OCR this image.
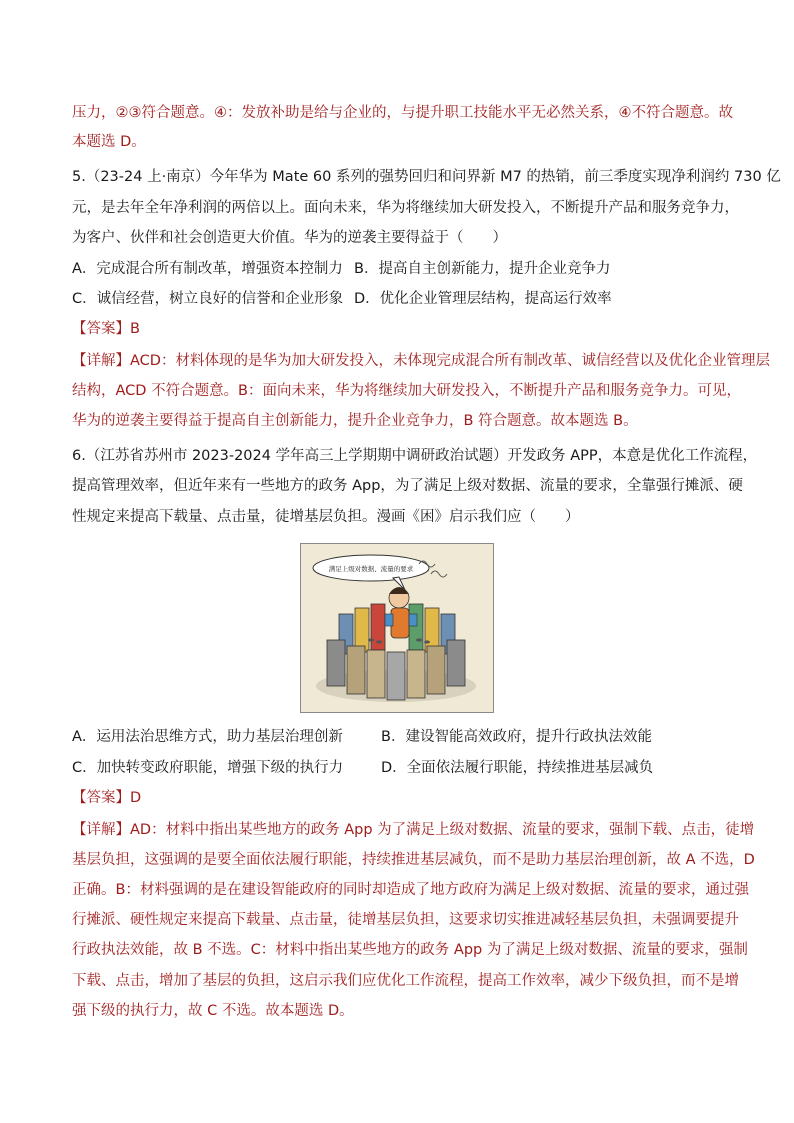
压力，②③符合题意。④：发放补助是给与企业的，与提升职工技能水平无必然关系，④不符合题意。故
本题选 D。
5.（23-24 上·南京）今年华为 Mate 60 系列的强势回归和问界新 M7 的热销，前三季度实现净利润约 730 亿
元，是去年全年净利润的两倍以上。面向未来，华为将继续加大研发投入，不断提升产品和服务竞争力，
为客户、伙伴和社会创造更大价值。华为的逆袭主要得益于（　　）
A．完成混合所有制改革，增强资本控制力 B．提高自主创新能力，提升企业竞争力
C．诚信经营，树立良好的信誉和企业形象 D．优化企业管理层结构，提高运行效率
【答案】B
【详解】ACD：材料体现的是华为加大研发投入，未体现完成混合所有制改革、诚信经营以及优化企业管理层
结构，ACD 不符合题意。B：面向未来，华为将继续加大研发投入，不断提升产品和服务竞争力。可见，
华为的逆袭主要得益于提高自主创新能力，提升企业竞争力，B 符合题意。故本题选 B。
6.（江苏省苏州市 2023-2024 学年高三上学期期中调研政治试题）开发政务 APP，本意是优化工作流程，
提高管理效率，但近年来有一些地方的政务 App，为了满足上级对数据、流量的要求，全靠强行摊派、硬
性规定来提高下载量、点击量，徒增基层负担。漫画《困》启示我们应（　　）
满足上级对数据、流量的要求
A．运用法治思维方式，助力基层治理创新	B．建设智能高效政府，提升行政执法效能
C．加快转变政府职能，增强下级的执行力	D．全面依法履行职能，持续推进基层减负
【答案】D
【详解】AD：材料中指出某些地方的政务 App 为了满足上级对数据、流量的要求，强制下载、点击，徒增
基层负担，这强调的是要全面依法履行职能，持续推进基层减负，而不是助力基层治理创新，故 A 不选，D
正确。B：材料强调的是在建设智能政府的同时却造成了地方政府为满足上级对数据、流量的要求，通过强
行摊派、硬性规定来提高下载量、点击量，徒增基层负担，这要求切实推进减轻基层负担，未强调要提升
行政执法效能，故 B 不选。C：材料中指出某些地方的政务 App 为了满足上级对数据、流量的要求，强制
下载、点击，增加了基层的负担，这启示我们应优化工作流程，提高工作效率，减少下级负担，而不是增
强下级的执行力，故 C 不选。故本题选 D。
